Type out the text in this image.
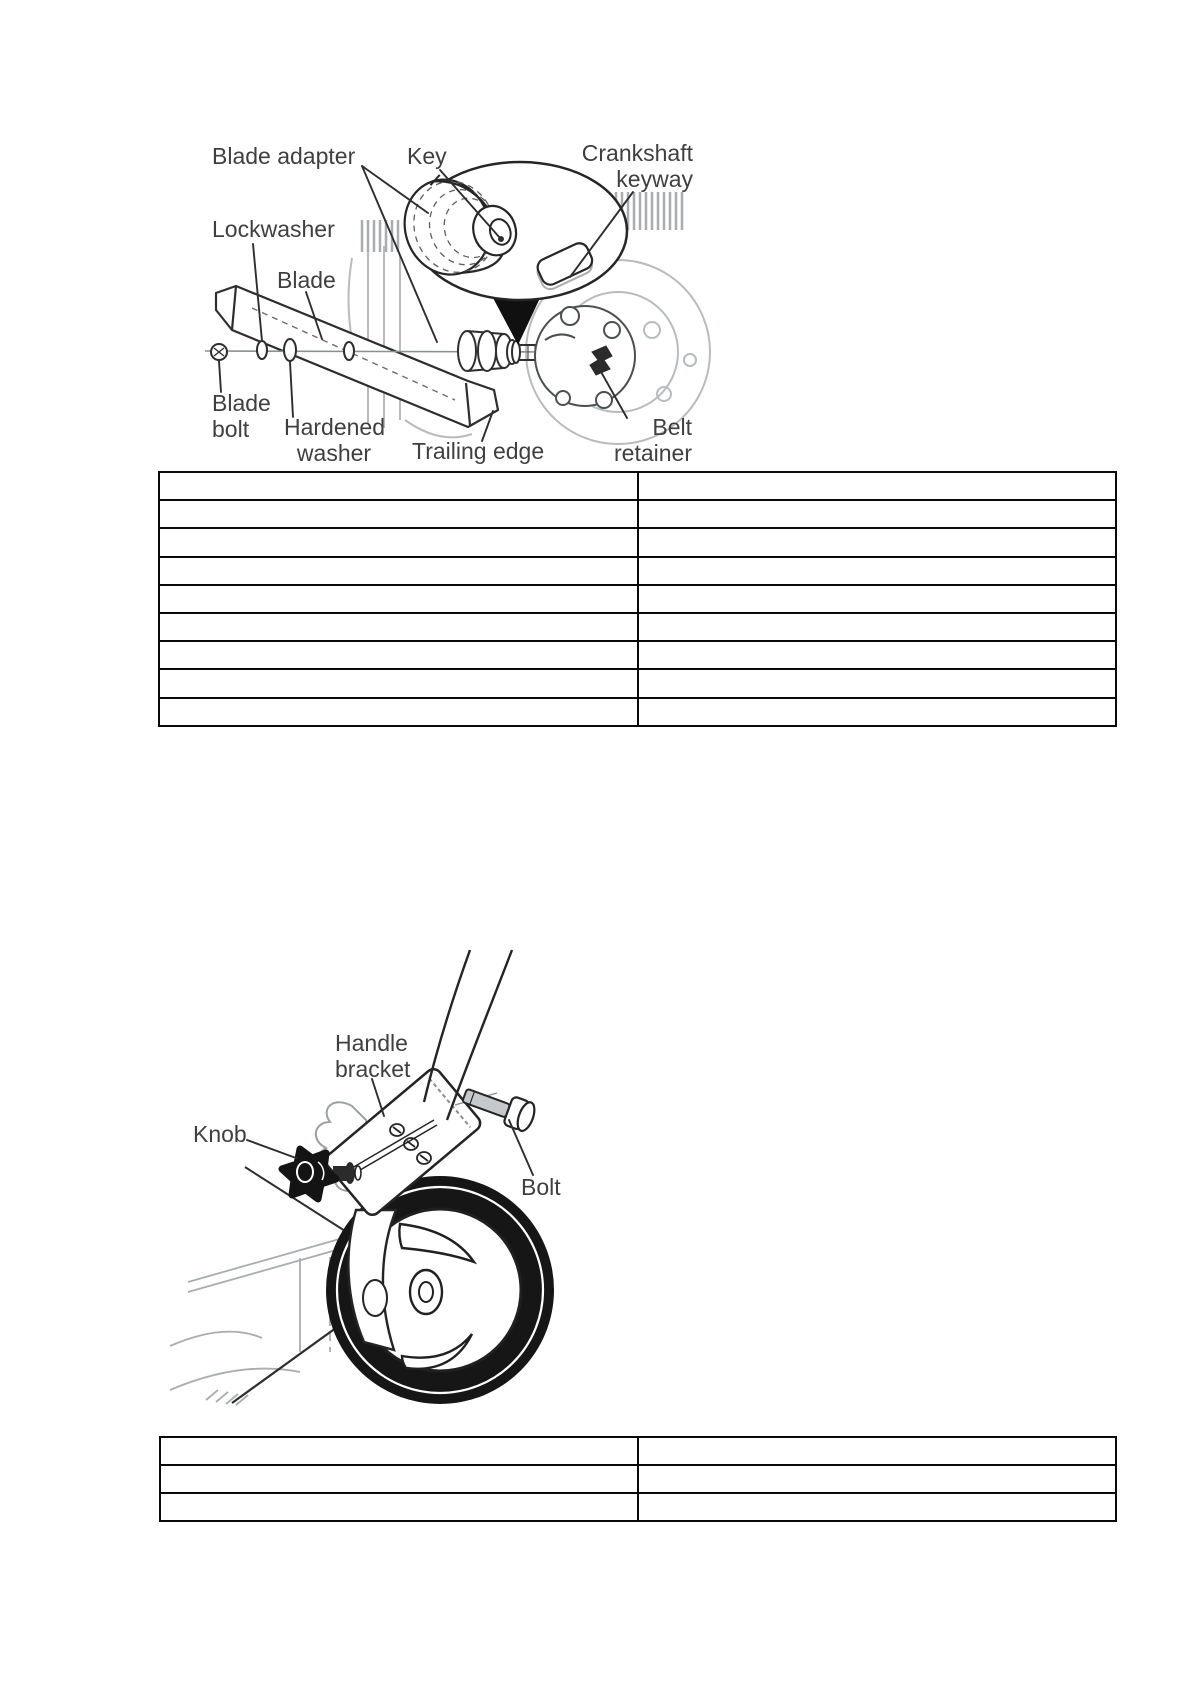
Blade adapter Key	Crankshaft
keyway
Lockwasher
Blade
Blade
bolt	Hardened
washer	Trailing edge
Belt
retainer

Handle
bracket
Knob
Bolt
